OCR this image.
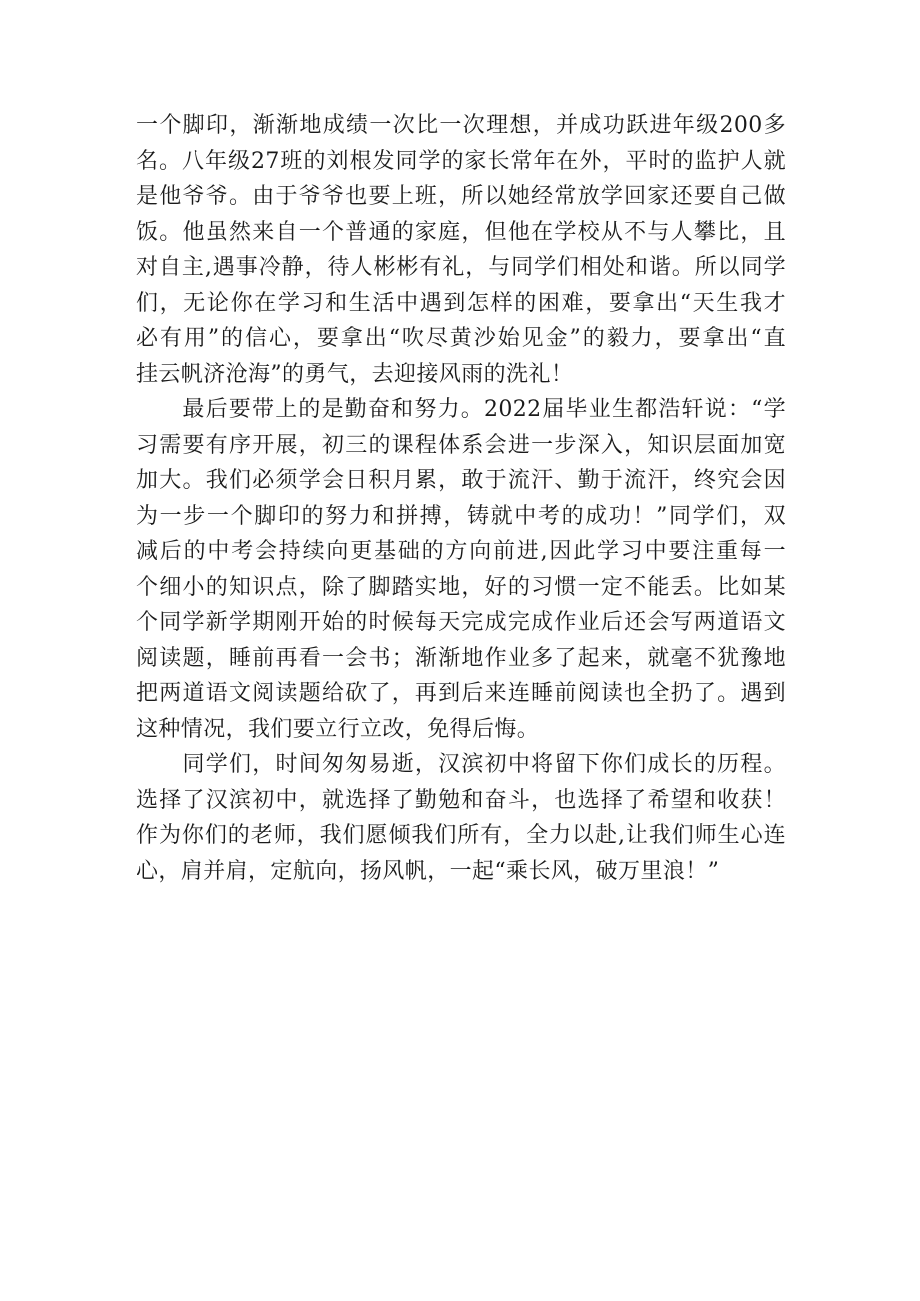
一个脚印，渐渐地成绩一次比一次理想，并成功跃进年级200多
名。八年级27班的刘根发同学的家长常年在外，平时的监护人就
是他爷爷。由于爷爷也要上班，所以她经常放学回家还要自己做
饭。他虽然来自一个普通的家庭，但他在学校从不与人攀比，且
对自主,遇事冷静，待人彬彬有礼，与同学们相处和谐。所以同学
们，无论你在学习和生活中遇到怎样的困难，要拿出“天生我才
必有用”的信心，要拿出“吹尽黄沙始见金”的毅力，要拿出“直
挂云帆济沧海”的勇气，去迎接风雨的洗礼！
　　最后要带上的是勤奋和努力。2022届毕业生都浩轩说：“学
习需要有序开展，初三的课程体系会进一步深入，知识层面加宽
加大。我们必须学会日积月累，敢于流汗、勤于流汗，终究会因
为一步一个脚印的努力和拼搏，铸就中考的成功！”同学们，双
减后的中考会持续向更基础的方向前进,因此学习中要注重每一
个细小的知识点，除了脚踏实地，好的习惯一定不能丢。比如某
个同学新学期刚开始的时候每天完成完成作业后还会写两道语文
阅读题，睡前再看一会书；渐渐地作业多了起来，就毫不犹豫地
把两道语文阅读题给砍了，再到后来连睡前阅读也全扔了。遇到
这种情况，我们要立行立改，免得后悔。
　　同学们，时间匆匆易逝，汉滨初中将留下你们成长的历程。
选择了汉滨初中，就选择了勤勉和奋斗，也选择了希望和收获！
作为你们的老师，我们愿倾我们所有，全力以赴,让我们师生心连
心，肩并肩，定航向，扬风帆，一起“乘长风，破万里浪！”
